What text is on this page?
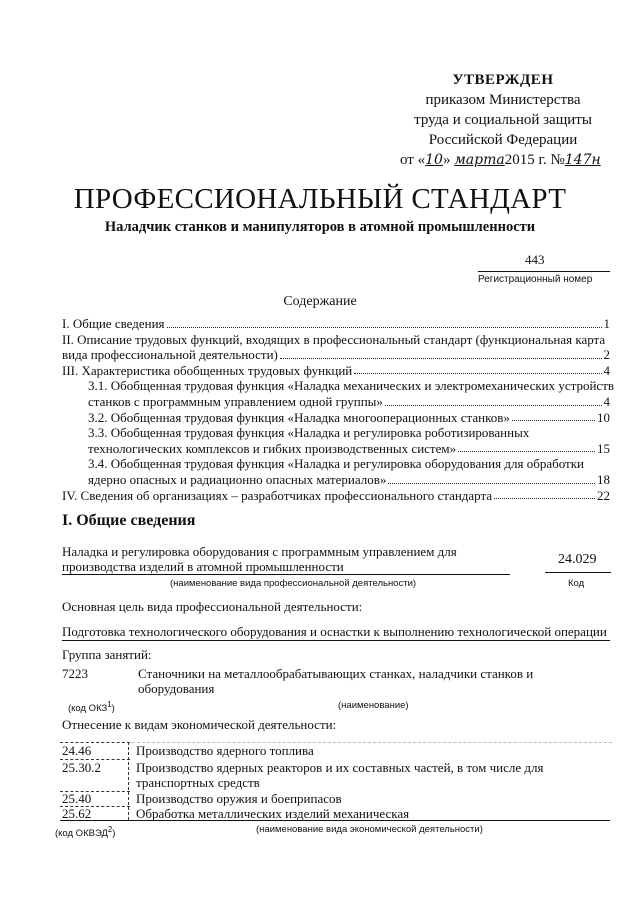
УТВЕРЖДЕН
приказом Министерства
труда и социальной защиты
Российской Федерации
от «10» марта2015 г. №147н
ПРОФЕССИОНАЛЬНЫЙ СТАНДАРТ
Наладчик станков и манипуляторов в атомной промышленности
443
Регистрационный номер
Содержание
I. Общие сведения	1
II. Описание трудовых функций, входящих в профессиональный стандарт (функциональная карта
вида профессиональной деятельности)	2
III. Характеристика обобщенных трудовых функций	4
3.1. Обобщенная трудовая функция «Наладка механических и электромеханических устройств
станков с программным управлением одной группы»	4
3.2. Обобщенная трудовая функция «Наладка многооперационных станков»	10
3.3. Обобщенная трудовая функция «Наладка и регулировка роботизированных
технологических комплексов и гибких производственных систем»	15
3.4. Обобщенная трудовая функция «Наладка и регулировка оборудования для обработки
ядерно опасных и радиационно опасных материалов»	18
IV. Сведения об организациях – разработчиках профессионального стандарта	22
I. Общие сведения
Наладка и регулировка оборудования с программным управлением для
производства изделий в атомной промышленности
(наименование вида профессиональной деятельности)
24.029
Код
Основная цель вида профессиональной деятельности:
Подготовка технологического оборудования и оснастки к выполнению технологической операции
Группа занятий:
7223	Станочники на металлообрабатывающих станках, наладчики станков и
оборудования
(код ОКЗ$^1$)	(наименование)
Отнесение к видам экономической деятельности:
24.46	Производство ядерного топлива
25.30.2	Производство ядерных реакторов и их составных частей, в том числе для
транспортных средств
25.40	Производство оружия и боеприпасов
25.62	Обработка металлических изделий механическая
(код ОКВЭД$^2$)	(наименование вида экономической деятельности)
